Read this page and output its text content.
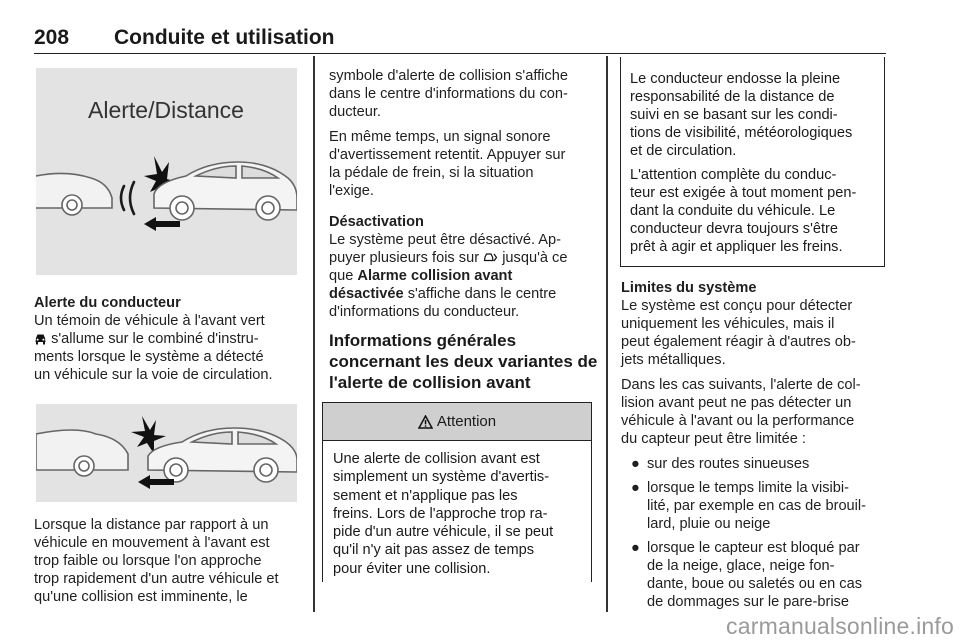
208 Conduite et utilisation
Alerte/Distance
Alerte du conducteur
Un témoin de véhicule à l'avant vert
s'allume sur le combiné d'instru-
ments lorsque le système a détecté
un véhicule sur la voie de circulation.
Lorsque la distance par rapport à un
véhicule en mouvement à l'avant est
trop faible ou lorsque l'on approche
trop rapidement d'un autre véhicule et
qu'une collision est imminente, le

symbole d'alerte de collision s'affiche
dans le centre d'informations du con-
ducteur.

En même temps, un signal sonore
d'avertissement retentit. Appuyer sur
la pédale de frein, si la situation
l'exige.

Désactivation

Le système peut être désactivé. Ap-
puyer plusieurs fois sur jusqu'à ce
que Alarme collision avant
désactivée s'affiche dans le centre
d'informations du conducteur.

Informations générales
concernant les deux variantes de
l'alerte de collision avant
Attention
Une alerte de collision avant est
simplement un système d'avertis-
sement et n'applique pas les
freins. Lors de l'approche trop ra-
pide d'un autre véhicule, il se peut
qu'il n'y ait pas assez de temps
pour éviter une collision.

Le conducteur endosse la pleine
responsabilité de la distance de
suivi en se basant sur les condi-
tions de visibilité, météorologiques
et de circulation.

L'attention complète du conduc-
teur est exigée à tout moment pen-
dant la conduite du véhicule. Le
conducteur devra toujours s'être
prêt à agir et appliquer les freins.

Limites du système

Le système est conçu pour détecter
uniquement les véhicules, mais il
peut également réagir à d'autres ob-
jets métalliques.

Dans les cas suivants, l'alerte de col-
lision avant peut ne pas détecter un
véhicule à l'avant ou la performance
du capteur peut être limitée :

● sur des routes sinueuses
● lorsque le temps limite la visibi-
lité, par exemple en cas de brouil-
lard, pluie ou neige
● lorsque le capteur est bloqué par
de la neige, glace, neige fon-
dante, boue ou saletés ou en cas
de dommages sur le pare-brise
carmanualsonline.info
